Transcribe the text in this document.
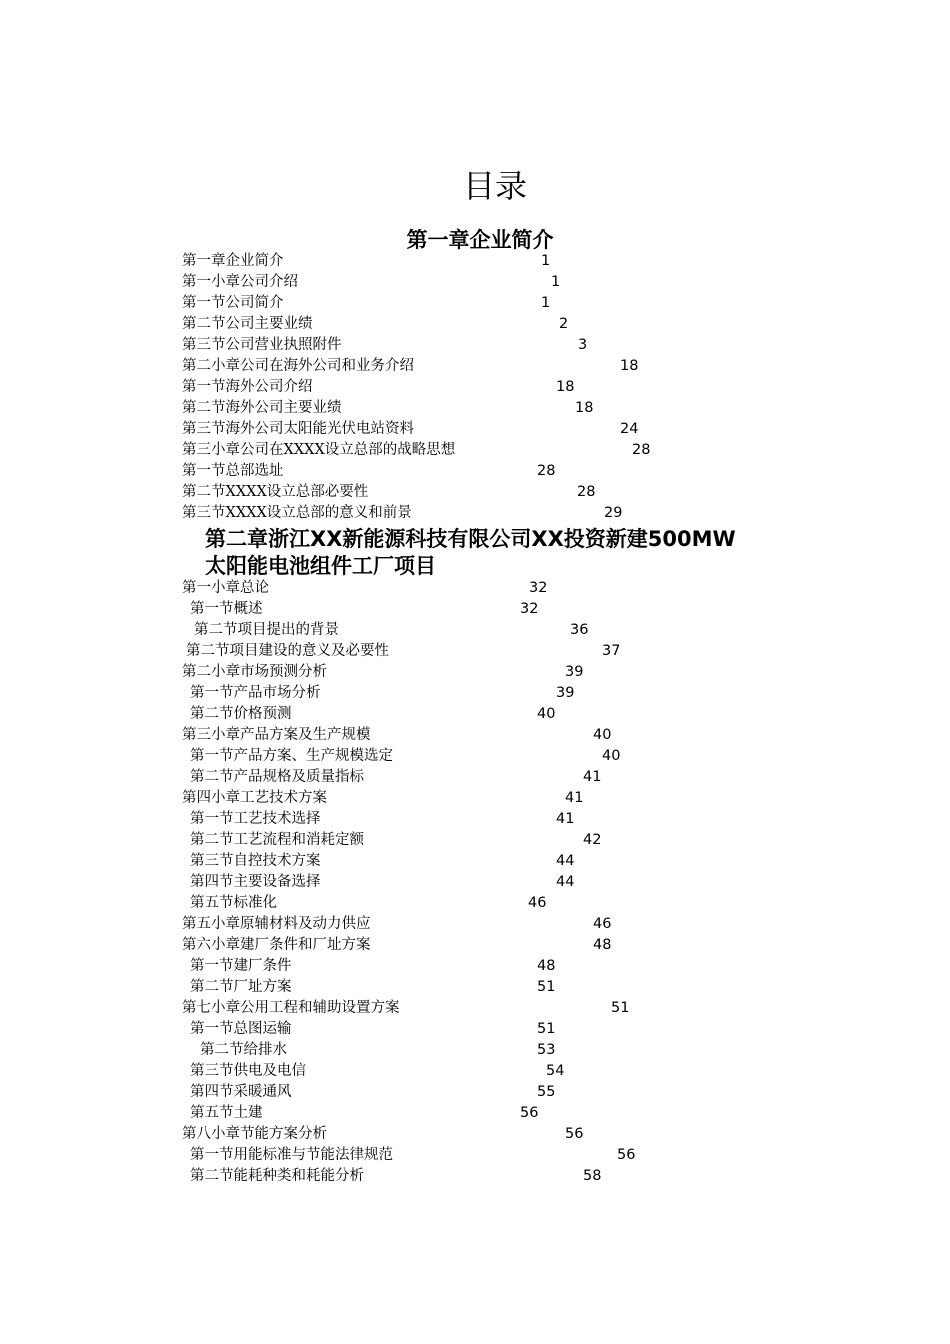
目录
第一章企业简介
第二章浙江XX新能源科技有限公司XX投资新建500MW
太阳能电池组件工厂项目
第一章企业简介	1
第一小章公司介绍	1
第一节公司简介	1
第二节公司主要业绩	2
第三节公司营业执照附件	3
第二小章公司在海外公司和业务介绍	18
第一节海外公司介绍	18
第二节海外公司主要业绩	18
第三节海外公司太阳能光伏电站资料	24
第三小章公司在XXXX设立总部的战略思想	28
第一节总部选址	28
第二节XXXX设立总部必要性	28
第三节XXXX设立总部的意义和前景	29
第一小章总论	32
第一节概述	32
第二节项目提出的背景	36
第二节项目建设的意义及必要性	37
第二小章市场预测分析	39
第一节产品市场分析	39
第二节价格预测	40
第三小章产品方案及生产规模	40
第一节产品方案、生产规模选定	40
第二节产品规格及质量指标	41
第四小章工艺技术方案	41
第一节工艺技术选择	41
第二节工艺流程和消耗定额	42
第三节自控技术方案	44
第四节主要设备选择	44
第五节标准化	46
第五小章原辅材料及动力供应	46
第六小章建厂条件和厂址方案	48
第一节建厂条件	48
第二节厂址方案	51
第七小章公用工程和辅助设置方案	51
第一节总图运输	51
第二节给排水	53
第三节供电及电信	54
第四节采暖通风	55
第五节土建	56
第八小章节能方案分析	56
第一节用能标准与节能法律规范	56
第二节能耗种类和耗能分析	58
